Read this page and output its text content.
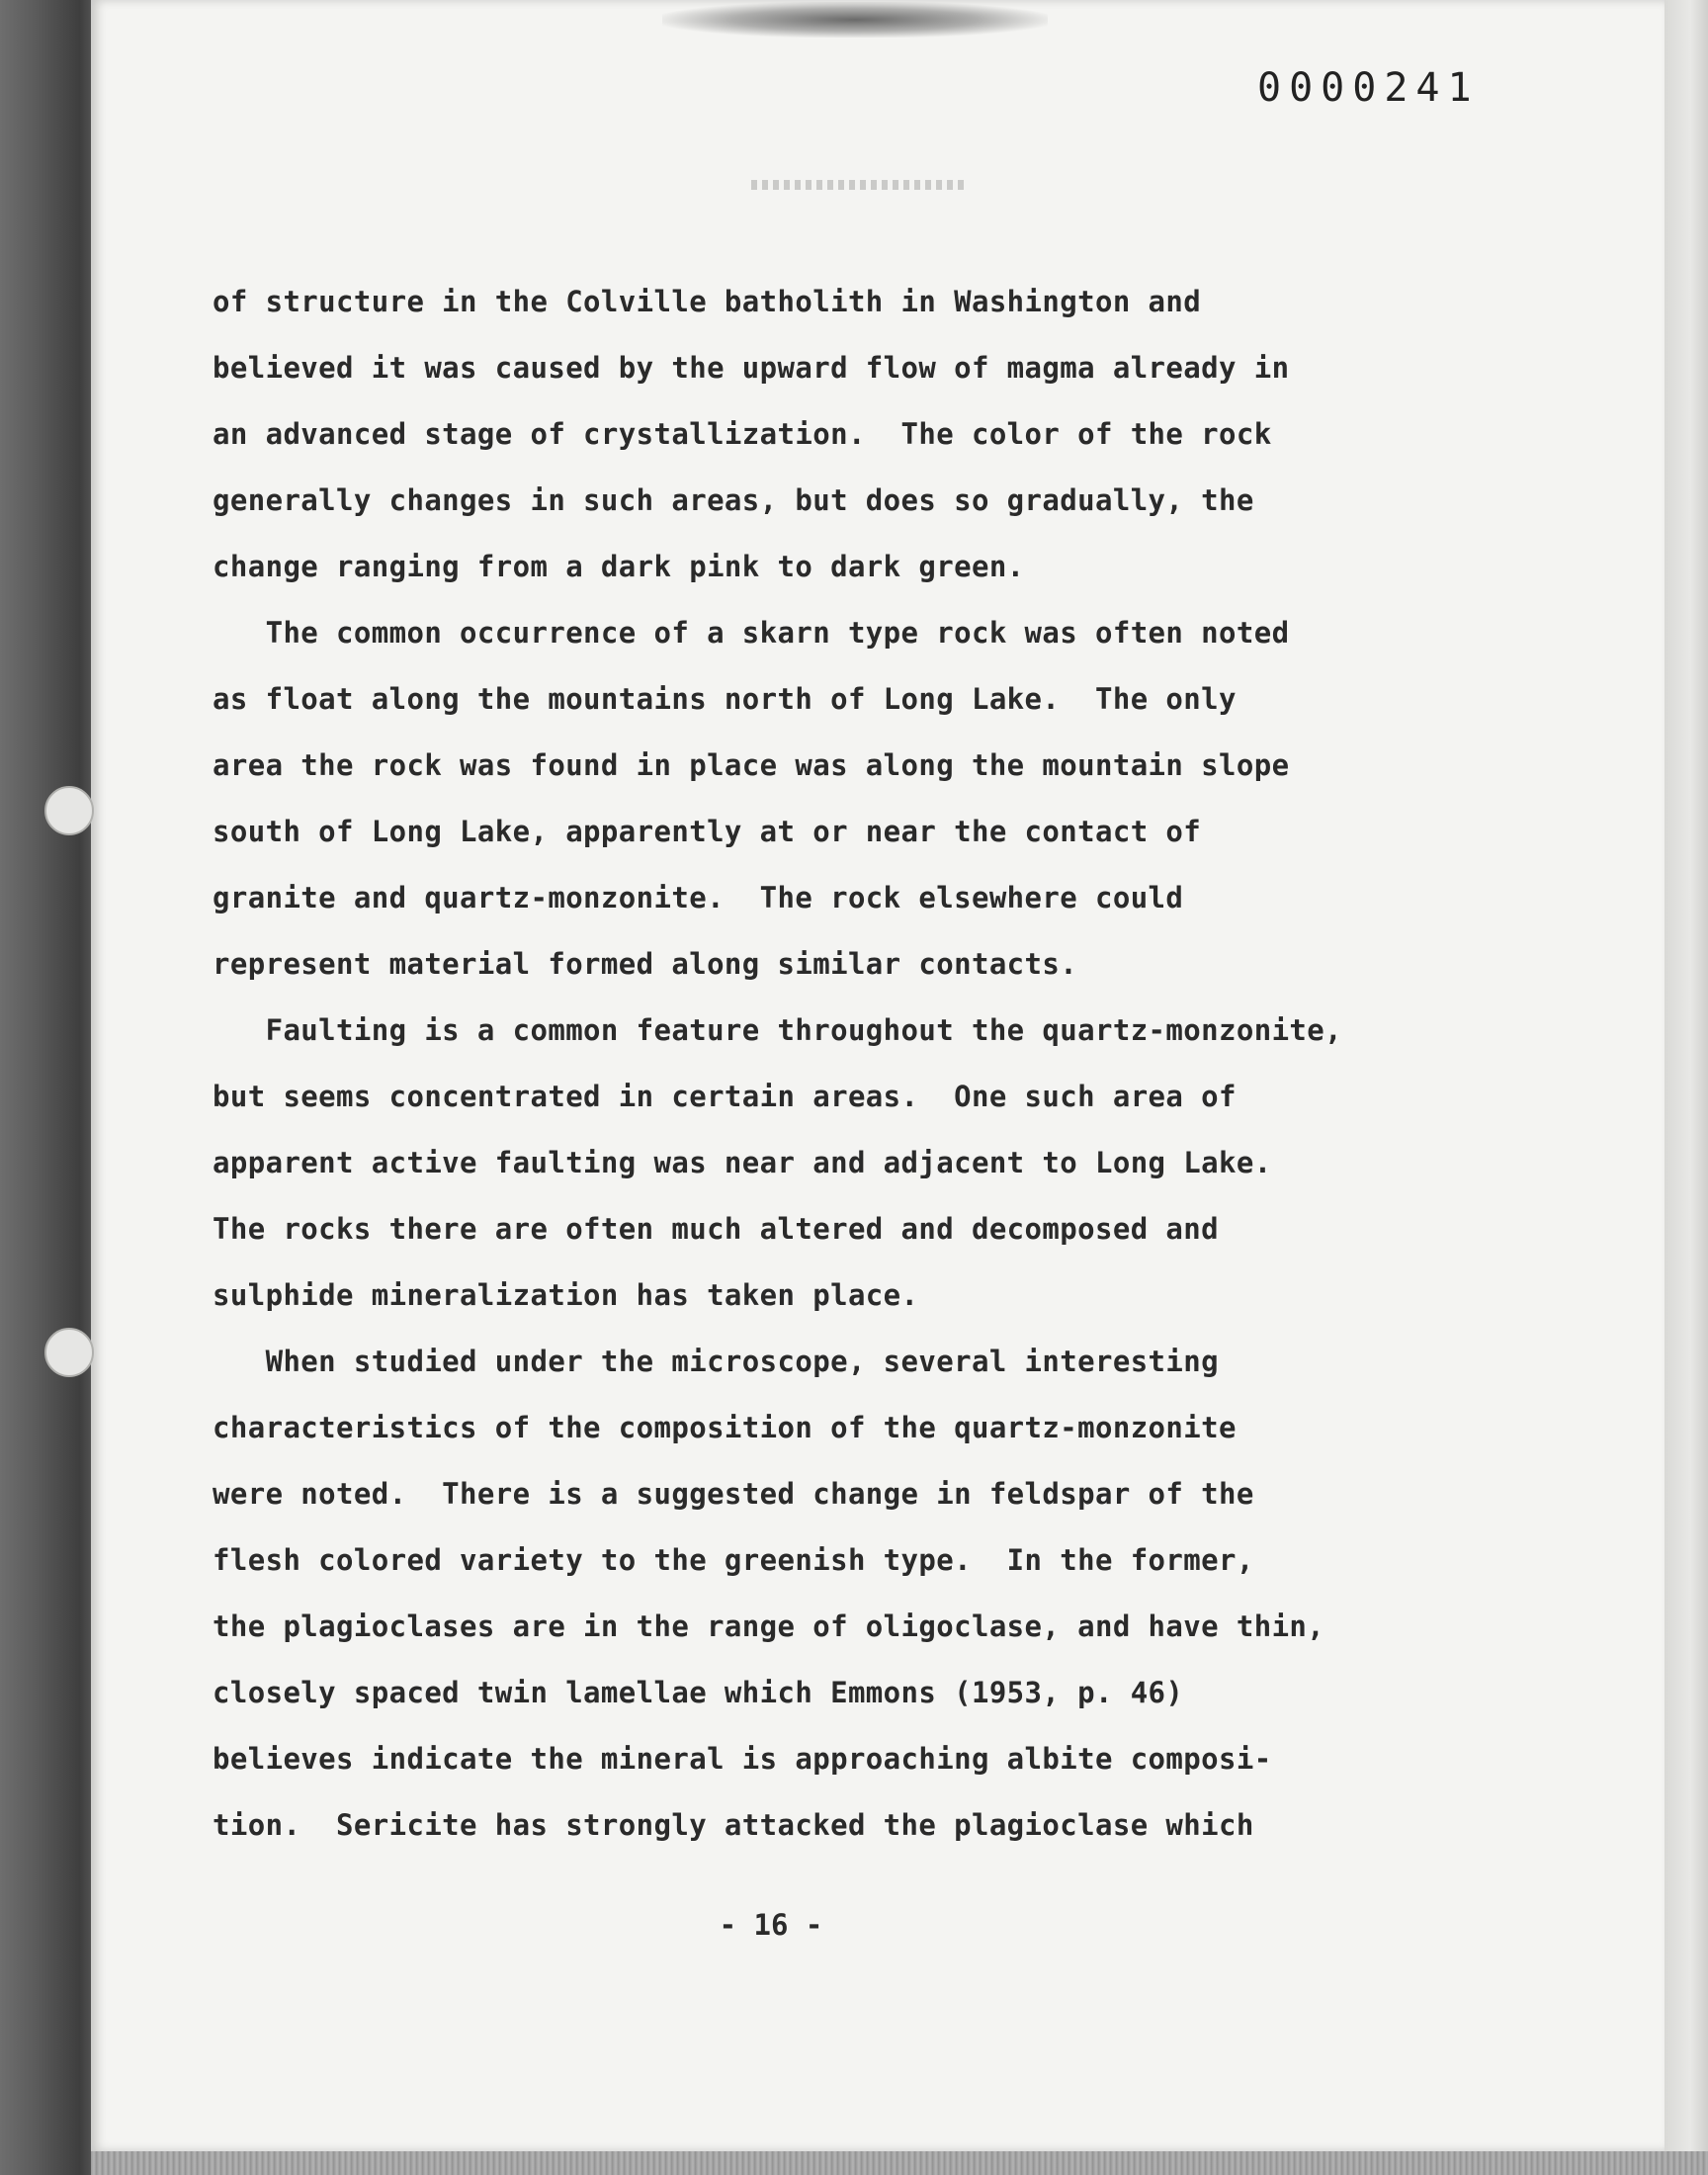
0000241
of structure in the Colville batholith in Washington and
believed it was caused by the upward flow of magma already in
an advanced stage of crystallization.  The color of the rock
generally changes in such areas, but does so gradually, the
change ranging from a dark pink to dark green.
The common occurrence of a skarn type rock was often noted
as float along the mountains north of Long Lake.  The only
area the rock was found in place was along the mountain slope
south of Long Lake, apparently at or near the contact of
granite and quartz-monzonite.  The rock elsewhere could
represent material formed along similar contacts.
Faulting is a common feature throughout the quartz-monzonite,
but seems concentrated in certain areas.  One such area of
apparent active faulting was near and adjacent to Long Lake.
The rocks there are often much altered and decomposed and
sulphide mineralization has taken place.
When studied under the microscope, several interesting
characteristics of the composition of the quartz-monzonite
were noted.  There is a suggested change in feldspar of the
flesh colored variety to the greenish type.  In the former,
the plagioclases are in the range of oligoclase, and have thin,
closely spaced twin lamellae which Emmons (1953, p. 46)
believes indicate the mineral is approaching albite composi-
tion.  Sericite has strongly attacked the plagioclase which
- 16 -
